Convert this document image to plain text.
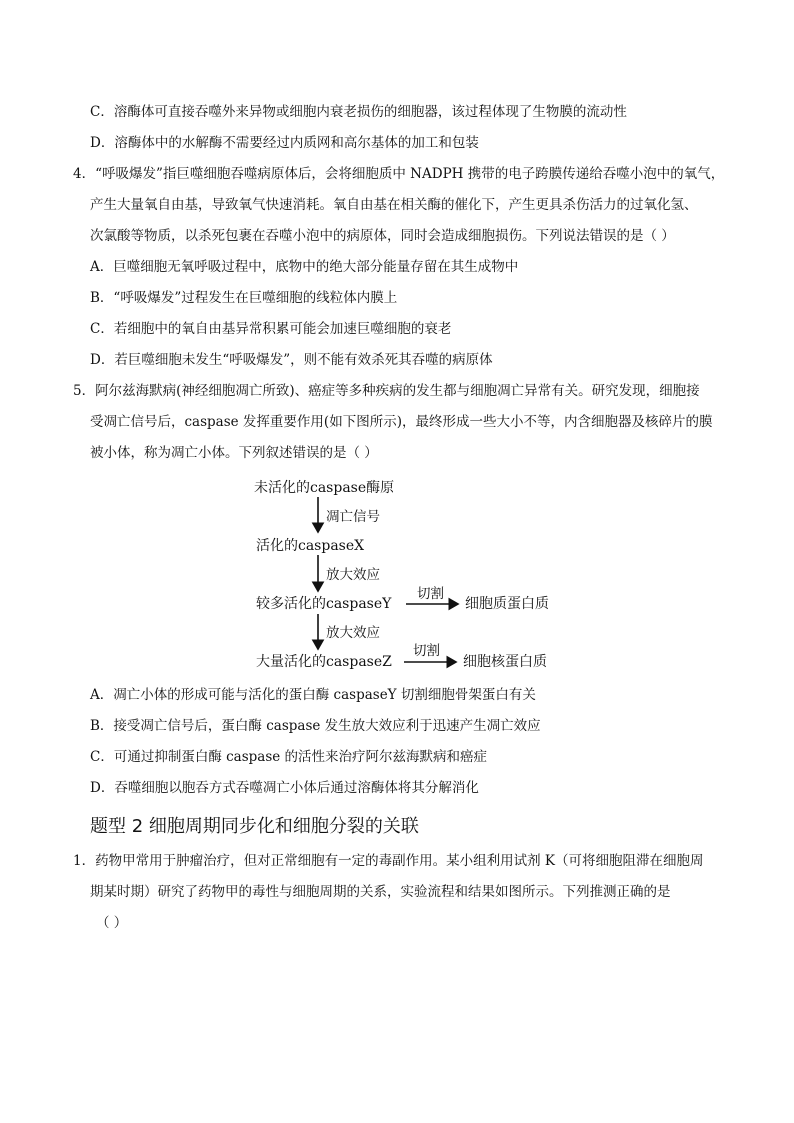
C．溶酶体可直接吞噬外来异物或细胞内衰老损伤的细胞器，该过程体现了生物膜的流动性
D．溶酶体中的水解酶不需要经过内质网和高尔基体的加工和包装
4．“呼吸爆发”指巨噬细胞吞噬病原体后，会将细胞质中 NADPH 携带的电子跨膜传递给吞噬小泡中的氧气，
产生大量氧自由基，导致氧气快速消耗。氧自由基在相关酶的催化下，产生更具杀伤活力的过氧化氢、
次氯酸等物质，以杀死包裹在吞噬小泡中的病原体，同时会造成细胞损伤。下列说法错误的是（ ）
A．巨噬细胞无氧呼吸过程中，底物中的绝大部分能量存留在其生成物中
B．“呼吸爆发”过程发生在巨噬细胞的线粒体内膜上
C．若细胞中的氧自由基异常积累可能会加速巨噬细胞的衰老
D．若巨噬细胞未发生“呼吸爆发”，则不能有效杀死其吞噬的病原体
5．阿尔兹海默病(神经细胞凋亡所致)、癌症等多种疾病的发生都与细胞凋亡异常有关。研究发现，细胞接
受凋亡信号后，caspase 发挥重要作用(如下图所示)，最终形成一些大小不等，内含细胞器及核碎片的膜
被小体，称为凋亡小体。下列叙述错误的是（ ）
未活化的caspase酶原
凋亡信号
活化的caspaseX
放大效应
较多活化的caspaseY
切割
细胞质蛋白质
放大效应
大量活化的caspaseZ
切割
细胞核蛋白质
A．凋亡小体的形成可能与活化的蛋白酶 caspaseY 切割细胞骨架蛋白有关
B．接受凋亡信号后，蛋白酶 caspase 发生放大效应利于迅速产生凋亡效应
C．可通过抑制蛋白酶 caspase 的活性来治疗阿尔兹海默病和癌症
D．吞噬细胞以胞吞方式吞噬凋亡小体后通过溶酶体将其分解消化
题型 2 细胞周期同步化和细胞分裂的关联
1．药物甲常用于肿瘤治疗，但对正常细胞有一定的毒副作用。某小组利用试剂 K（可将细胞阻滞在细胞周
期某时期）研究了药物甲的毒性与细胞周期的关系，实验流程和结果如图所示。下列推测正确的是
（ ）
